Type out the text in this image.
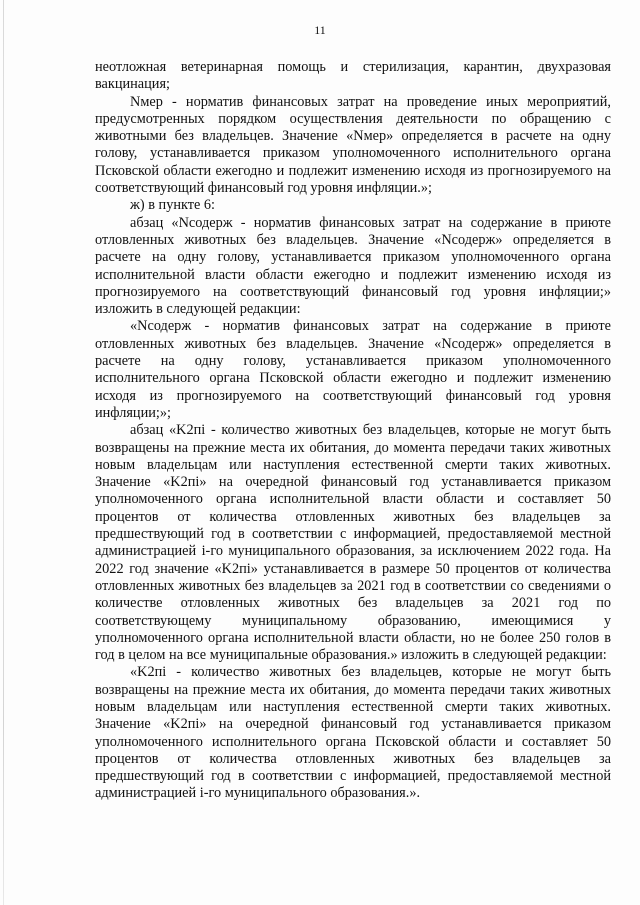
11

неотложная ветеринарная помощь и стерилизация, карантин, двухразовая вакцинация;

Nмер - норматив финансовых затрат на проведение иных мероприятий, предусмотренных порядком осуществления деятельности по обращению с животными без владельцев. Значение «Nмер» определяется в расчете на одну голову, устанавливается приказом уполномоченного исполнительного органа Псковской области ежегодно и подлежит изменению исходя из прогнозируемого на соответствующий финансовый год уровня инфляции.»;

ж) в пункте 6:

абзац «Nсодерж - норматив финансовых затрат на содержание в приюте отловленных животных без владельцев. Значение «Nсодерж» определяется в расчете на одну голову, устанавливается приказом уполномоченного органа исполнительной власти области ежегодно и подлежит изменению исходя из прогнозируемого на соответствующий финансовый год уровня инфляции;» изложить в следующей редакции:

«Nсодерж - норматив финансовых затрат на содержание в приюте отловленных животных без владельцев. Значение «Nсодерж» определяется в расчете на одну голову, устанавливается приказом уполномоченного исполнительного органа Псковской области ежегодно и подлежит изменению исходя из прогнозируемого на соответствующий финансовый год уровня инфляции;»;

абзац «K2пi - количество животных без владельцев, которые не могут быть возвращены на прежние места их обитания, до момента передачи таких животных новым владельцам или наступления естественной смерти таких животных. Значение «K2пi» на очередной финансовый год устанавливается приказом уполномоченного органа исполнительной власти области и составляет 50 процентов от количества отловленных животных без владельцев за предшествующий год в соответствии с информацией, предоставляемой местной администрацией i-го муниципального образования, за исключением 2022 года. На 2022 год значение «K2пi» устанавливается в размере 50 процентов от количества отловленных животных без владельцев за 2021 год в соответствии со сведениями о количестве отловленных животных без владельцев за 2021 год по соответствующему муниципальному образованию, имеющимися у уполномоченного органа исполнительной власти области, но не более 250 голов в год в целом на все муниципальные образования.» изложить в следующей редакции:

«K2пi - количество животных без владельцев, которые не могут быть возвращены на прежние места их обитания, до момента передачи таких животных новым владельцам или наступления естественной смерти таких животных. Значение «K2пi» на очередной финансовый год устанавливается приказом уполномоченного исполнительного органа Псковской области и составляет 50 процентов от количества отловленных животных без владельцев за предшествующий год в соответствии с информацией, предоставляемой местной администрацией i-го муниципального образования.».
